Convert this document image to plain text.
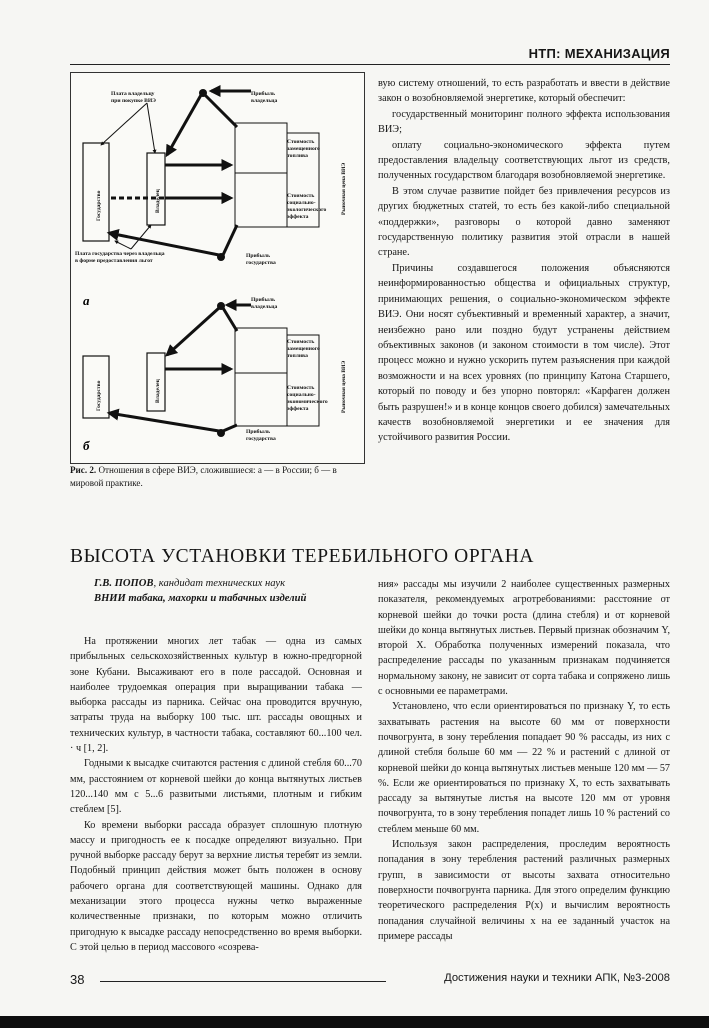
НТП: МЕХАНИЗАЦИЯ
Государство	Владелец
Стоимость
замещенного
топлива
Стоимость
социально-
экологического
эффекта
Рыночная цена ВИЭ
Плата владельцу
при покупке ВИЭ
Прибыль
владельца
Плата государства через владельца
в форме предоставления льгот
Прибыль
государства
а
Государство	Владелец
Стоимость
замещенного
топлива
Стоимость
социально-
экономического
эффекта	Рыночная цена ВИЭ
Прибыль
владельца
Прибыль
государства
б
Рис. 2. Отношения в сфере ВИЭ, сложившиеся: а — в России; б — в мировой практике.

вую систему отношений, то есть разработать и ввести в действие закон о возобновляемой энергетике, который обеспечит:

государственный мониторинг полного эффекта использования ВИЭ;

оплату социально-экономического эффекта путем предоставления владельцу соответствующих льгот из средств, полученных государством благодаря возобновляемой энергетике.

В этом случае развитие пойдет без привлечения ресурсов из других бюджетных статей, то есть без какой-либо специальной «поддержки», разговоры о которой давно заменяют государственную политику развития этой отрасли в нашей стране.

Причины создавшегося положения объясняются неинформированностью общества и официальных структур, принимающих решения, о социально-экономическом эффекте ВИЭ. Они носят субъективный и временный характер, а значит, неизбежно рано или поздно будут устранены действием объективных законов (и законом стоимости в том числе). Этот процесс можно и нужно ускорить путем разъяснения при каждой возможности и на всех уровнях (по принципу Катона Старшего, который по поводу и без упорно повторял: «Карфаген должен быть разрушен!» и в конце концов своего добился) замечательных качеств возобновляемой энергетики и ее значения для устойчивого развития России.

ВЫСОТА УСТАНОВКИ ТЕРЕБИЛЬНОГО ОРГАНА
Г.В. ПОПОВ, кандидат технических наук
ВНИИ табака, махорки и табачных изделий

На протяжении многих лет табак — одна из самых прибыльных сельскохозяйственных культур в южно-предгорной зоне Кубани. Высаживают его в поле рассадой. Основная и наиболее трудоемкая операция при выращивании табака — выборка рассады из парника. Сейчас она проводится вручную, затраты труда на выборку 100 тыс. шт. рассады овощных и технических культур, в частности табака, составляют 60...100 чел. · ч [1, 2].

Годными к высадке считаются растения с длиной стебля 60...70 мм, расстоянием от корневой шейки до конца вытянутых листьев 120...140 мм с 5...6 развитыми листьями, плотным и гибким стеблем [5].

Ко времени выборки рассада образует сплошную плотную массу и пригодность ее к посадке определяют визуально. При ручной выборке рассаду берут за верхние листья теребят из земли. Подобный принцип действия может быть положен в основу рабочего органа для соответствующей машины. Однако для механизации этого процесса нужны четко выраженные количественные признаки, по которым можно отличить пригодную к высадке рассаду непосредственно во время выборки. С этой целью в период массового «созрева-

ния» рассады мы изучили 2 наиболее существенных размерных показателя, рекомендуемых агротребованиями: расстояние от корневой шейки до точки роста (длина стебля) и от корневой шейки до конца вытянутых листьев. Первый признак обозначим Y, второй X. Обработка полученных измерений показала, что распределение рассады по указанным признакам подчиняется нормальному закону, не зависит от сорта табака и сопряжено лишь с основными ее параметрами.

Установлено, что если ориентироваться по признаку Y, то есть захватывать растения на высоте 60 мм от поверхности почвогрунта, в зону теребления попадает 90 % рассады, из них с длиной стебля больше 60 мм — 22 % и растений с длиной от корневой шейки до конца вытянутых листьев меньше 120 мм — 57 %. Если же ориентироваться по признаку X, то есть захватывать рассаду за вытянутые листья на высоте 120 мм от уровня почвогрунта, то в зону теребления попадет лишь 10 % растений со стеблем меньше 60 мм.

Используя закон распределения, проследим вероятность попадания в зону теребления растений различных размерных групп, в зависимости от высоты захвата относительно поверхности почвогрунта парника. Для этого определим функцию теоретического распределения P(x) и вычислим вероятность попадания случайной величины x на ее заданный участок на примере рассады

38	Достижения науки и техники АПК, №3-2008
